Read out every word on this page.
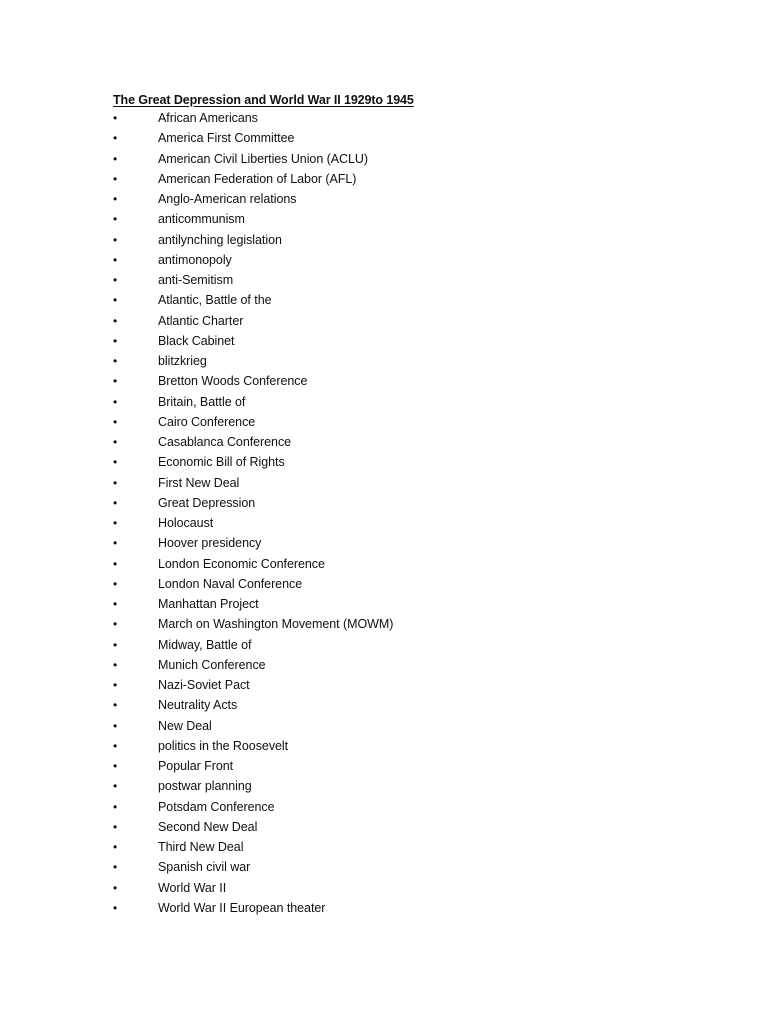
The Great Depression and World War II 1929to 1945
•	African Americans
•	America First Committee
•	American Civil Liberties Union (ACLU)
•	American Federation of Labor (AFL)
•	Anglo-American relations
•	anticommunism
•	antilynching legislation
•	antimonopoly
•	anti-Semitism
•	Atlantic, Battle of the
•	Atlantic Charter
•	Black Cabinet
•	blitzkrieg
•	Bretton Woods Conference
•	Britain, Battle of
•	Cairo Conference
•	Casablanca Conference
•	Economic Bill of Rights
•	First New Deal
•	Great Depression
•	Holocaust
•	Hoover presidency
•	London Economic Conference
•	London Naval Conference
•	Manhattan Project
•	March on Washington Movement (MOWM)
•	Midway, Battle of
•	Munich Conference
•	Nazi-Soviet Pact
•	Neutrality Acts
•	New Deal
•	politics in the Roosevelt
•	Popular Front
•	postwar planning
•	Potsdam Conference
•	Second New Deal
•	Third New Deal
•	Spanish civil war
•	World War II
•	World War II European theater
